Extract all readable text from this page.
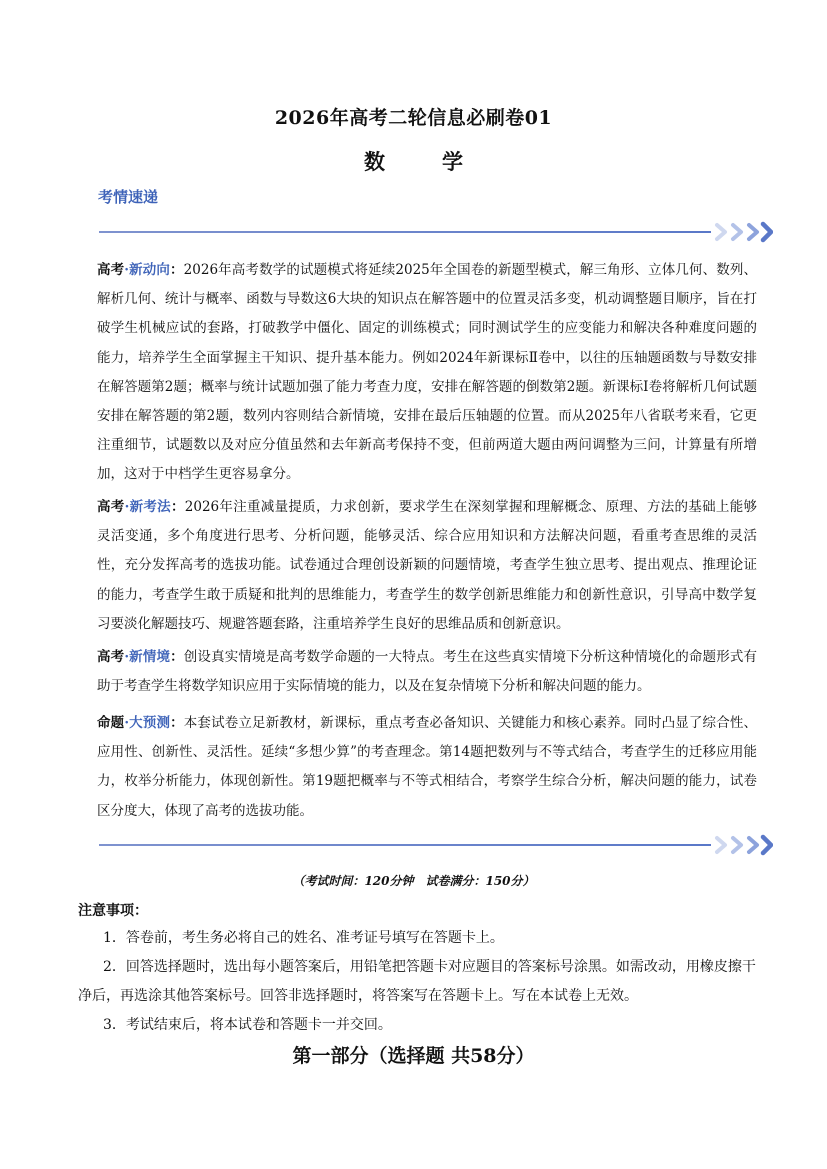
2026年高考二轮信息必刷卷01
数　学
考情速递
高考·新动向：2026年高考数学的试题模式将延续2025年全国卷的新题型模式，解三角形、立体几何、数列、解析几何、统计与概率、函数与导数这6大块的知识点在解答题中的位置灵活多变，机动调整题目顺序，旨在打破学生机械应试的套路，打破教学中僵化、固定的训练模式；同时测试学生的应变能力和解决各种难度问题的能力，培养学生全面掌握主干知识、提升基本能力。例如2024年新课标Ⅱ卷中，以往的压轴题函数与导数安排在解答题第2题；概率与统计试题加强了能力考查力度，安排在解答题的倒数第2题。新课标Ⅰ卷将解析几何试题安排在解答题的第2题，数列内容则结合新情境，安排在最后压轴题的位置。而从2025年八省联考来看，它更注重细节，试题数以及对应分值虽然和去年新高考保持不变，但前两道大题由两问调整为三问，计算量有所增加，这对于中档学生更容易拿分。
高考·新考法：2026年注重减量提质，力求创新，要求学生在深刻掌握和理解概念、原理、方法的基础上能够灵活变通，多个角度进行思考、分析问题，能够灵活、综合应用知识和方法解决问题，看重考查思维的灵活性，充分发挥高考的选拔功能。试卷通过合理创设新颖的问题情境，考查学生独立思考、提出观点、推理论证的能力，考查学生敢于质疑和批判的思维能力，考查学生的数学创新思维能力和创新性意识，引导高中数学复习要淡化解题技巧、规避答题套路，注重培养学生良好的思维品质和创新意识。
高考·新情境：创设真实情境是高考数学命题的一大特点。考生在这些真实情境下分析这种情境化的命题形式有助于考查学生将数学知识应用于实际情境的能力，以及在复杂情境下分析和解决问题的能力。
命题·大预测：本套试卷立足新教材，新课标，重点考查必备知识、关键能力和核心素养。同时凸显了综合性、应用性、创新性、灵活性。延续“多想少算”的考查理念。第14题把数列与不等式结合，考查学生的迁移应用能力，枚举分析能力，体现创新性。第19题把概率与不等式相结合，考察学生综合分析，解决问题的能力，试卷区分度大，体现了高考的选拔功能。
（考试时间：120分钟　试卷满分：150分）
注意事项：
1．答卷前，考生务必将自己的姓名、准考证号填写在答题卡上。
2．回答选择题时，选出每小题答案后，用铅笔把答题卡对应题目的答案标号涂黑。如需改动，用橡皮擦干净后，再选涂其他答案标号。回答非选择题时，将答案写在答题卡上。写在本试卷上无效。
3．考试结束后，将本试卷和答题卡一并交回。
第一部分（选择题 共58分）
